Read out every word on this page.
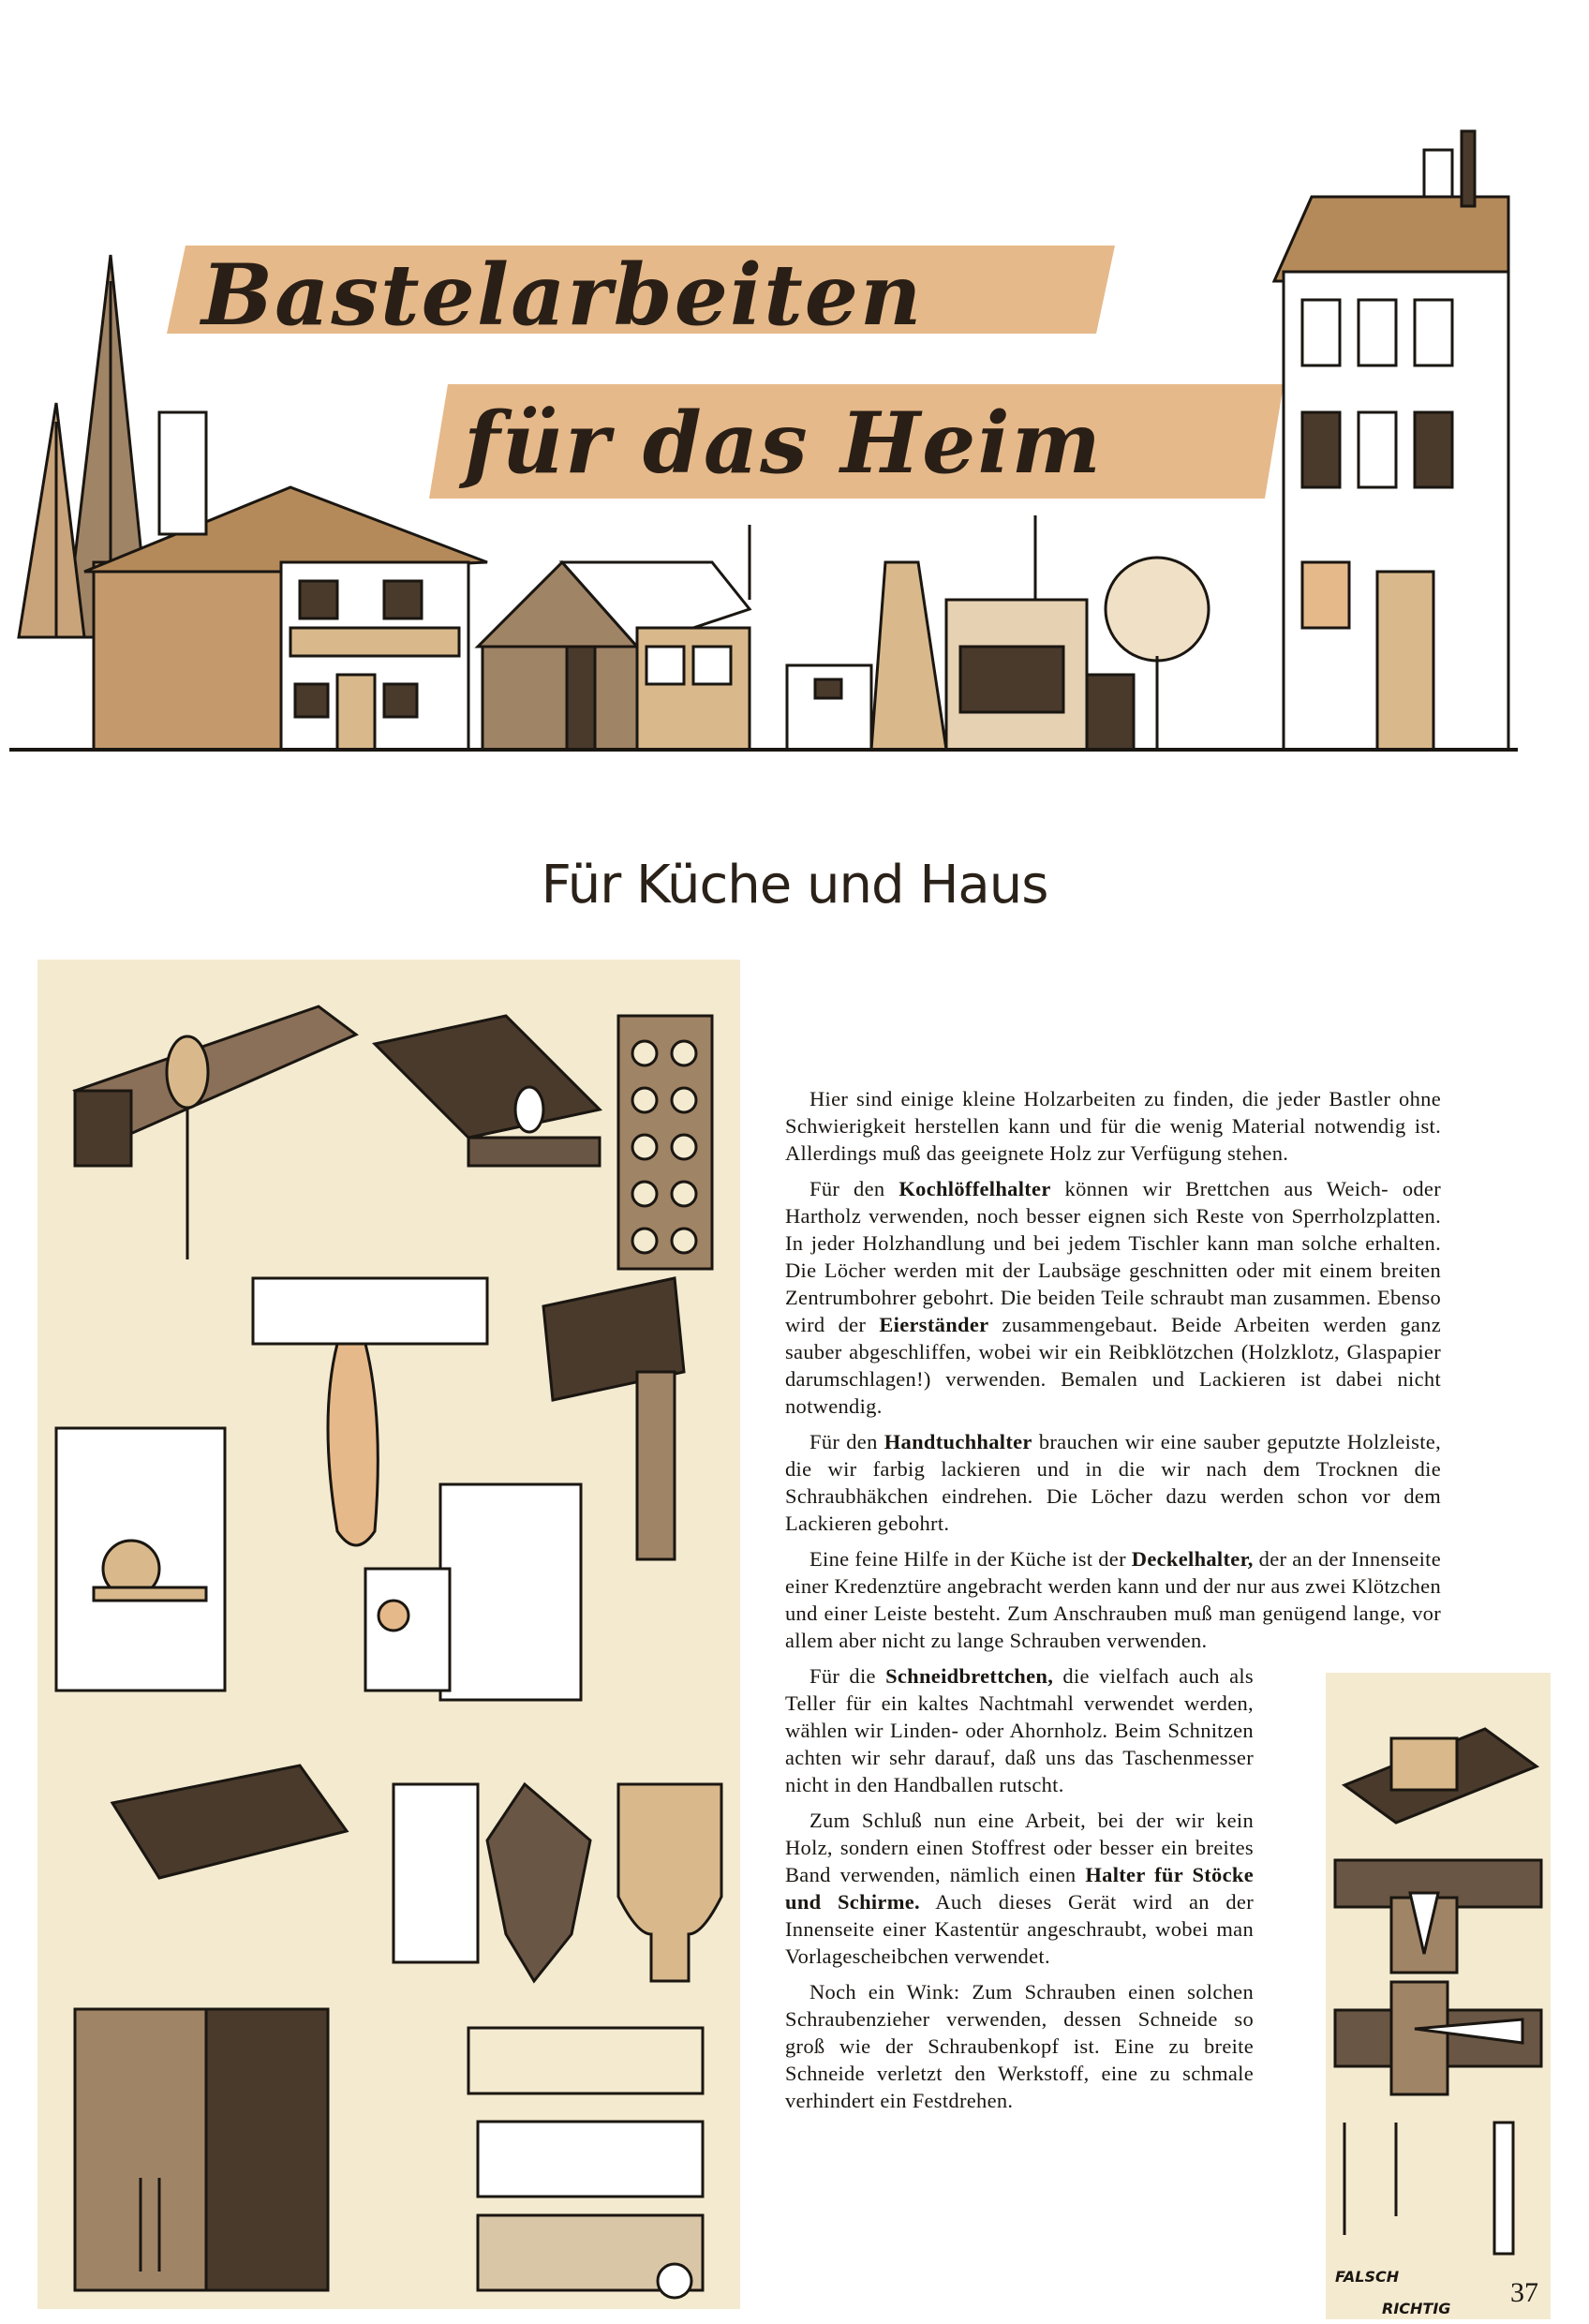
Bastelarbeiten
für das Heim
Für Küche und Haus

Hier sind einige kleine Holzarbeiten zu finden, die jeder Bastler ohne Schwierigkeit herstellen kann und für die wenig Material notwendig ist. Allerdings muß das geeignete Holz zur Verfügung stehen.

Für den Kochlöffelhalter können wir Brettchen aus Weich- oder Hartholz verwenden, noch besser eignen sich Reste von Sperrholzplatten. In jeder Holzhandlung und bei jedem Tischler kann man solche erhalten. Die Löcher werden mit der Laubsäge geschnitten oder mit einem breiten Zentrumbohrer gebohrt. Die beiden Teile schraubt man zusammen. Ebenso wird der Eierständer zusammengebaut. Beide Arbeiten werden ganz sauber abgeschliffen, wobei wir ein Reibklötzchen (Holzklotz, Glaspapier darumschlagen!) verwenden. Bemalen und Lackieren ist dabei nicht notwendig.

Für den Handtuchhalter brauchen wir eine sauber geputzte Holzleiste, die wir farbig lackieren und in die wir nach dem Trocknen die Schraubhäkchen eindrehen. Die Löcher dazu werden schon vor dem Lackieren gebohrt.

Eine feine Hilfe in der Küche ist der Deckelhalter, der an der Innenseite einer Kredenztüre angebracht werden kann und der nur aus zwei Klötzchen und einer Leiste besteht. Zum Anschrauben muß man genügend lange, vor allem aber nicht zu lange Schrauben verwenden.

Für die Schneidbrettchen, die vielfach auch als Teller für ein kaltes Nachtmahl verwendet werden, wählen wir Linden- oder Ahornholz. Beim Schnitzen achten wir sehr darauf, daß uns das Taschenmesser nicht in den Handballen rutscht.

Zum Schluß nun eine Arbeit, bei der wir kein Holz, sondern einen Stoffrest oder besser ein breites Band verwenden, nämlich einen Halter für Stöcke und Schirme. Auch dieses Gerät wird an der Innenseite einer Kastentür angeschraubt, wobei man Vorlagescheibchen verwendet.

Noch ein Wink: Zum Schrauben einen solchen Schraubenzieher verwenden, dessen Schneide so groß wie der Schraubenkopf ist. Eine zu breite Schneide verletzt den Werkstoff, eine zu schmale verhindert ein Festdrehen.

FALSCH
RICHTIG

37
